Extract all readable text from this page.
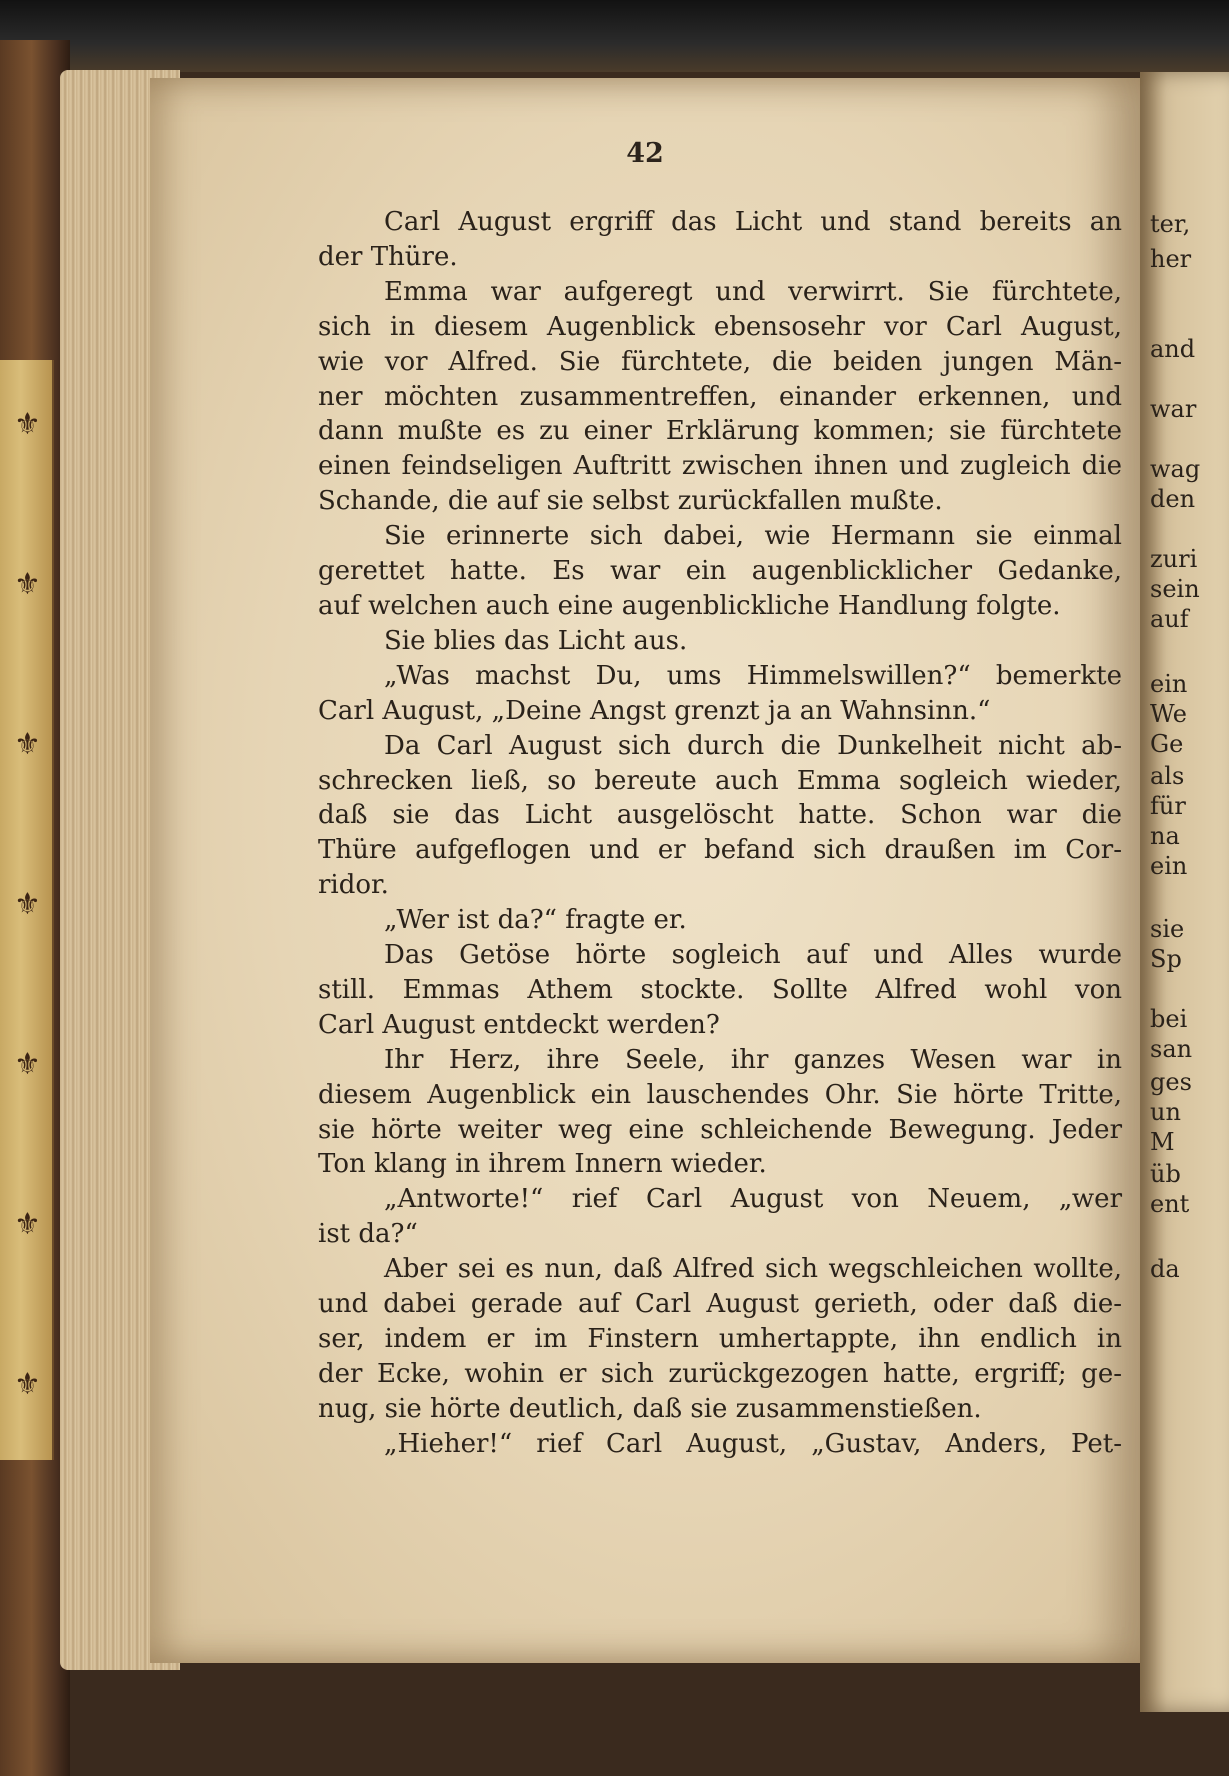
⚜
⚜
⚜
⚜
⚜
⚜
⚜
42
Carl August ergriff das Licht und stand bereits an
der Thüre.
Emma war aufgeregt und verwirrt. Sie fürchtete,
sich in diesem Augenblick ebensosehr vor Carl August,
wie vor Alfred. Sie fürchtete, die beiden jungen Män-
ner möchten zusammentreffen, einander erkennen, und
dann mußte es zu einer Erklärung kommen; sie fürchtete
einen feindseligen Auftritt zwischen ihnen und zugleich die
Schande, die auf sie selbst zurückfallen mußte.
Sie erinnerte sich dabei, wie Hermann sie einmal
gerettet hatte. Es war ein augenblicklicher Gedanke,
auf welchen auch eine augenblickliche Handlung folgte.
Sie blies das Licht aus.
„Was machst Du, ums Himmelswillen?“ bemerkte
Carl August, „Deine Angst grenzt ja an Wahnsinn.“
Da Carl August sich durch die Dunkelheit nicht ab-
schrecken ließ, so bereute auch Emma sogleich wieder,
daß sie das Licht ausgelöscht hatte. Schon war die
Thüre aufgeflogen und er befand sich draußen im Cor-
ridor.
„Wer ist da?“ fragte er.
Das Getöse hörte sogleich auf und Alles wurde
still. Emmas Athem stockte. Sollte Alfred wohl von
Carl August entdeckt werden?
Ihr Herz, ihre Seele, ihr ganzes Wesen war in
diesem Augenblick ein lauschendes Ohr. Sie hörte Tritte,
sie hörte weiter weg eine schleichende Bewegung. Jeder
Ton klang in ihrem Innern wieder.
„Antworte!“ rief Carl August von Neuem, „wer
ist da?“
Aber sei es nun, daß Alfred sich wegschleichen wollte,
und dabei gerade auf Carl August gerieth, oder daß die-
ser, indem er im Finstern umhertappte, ihn endlich in
der Ecke, wohin er sich zurückgezogen hatte, ergriff; ge-
nug, sie hörte deutlich, daß sie zusammenstießen.
„Hieher!“ rief Carl August, „Gustav, Anders, Pet-
ter,
her
and
war
wag
den
zuri
sein
auf
ein
We
Ge
als
für
na
ein
sie
Sp
bei
san
ges
un
M
üb
ent
da
